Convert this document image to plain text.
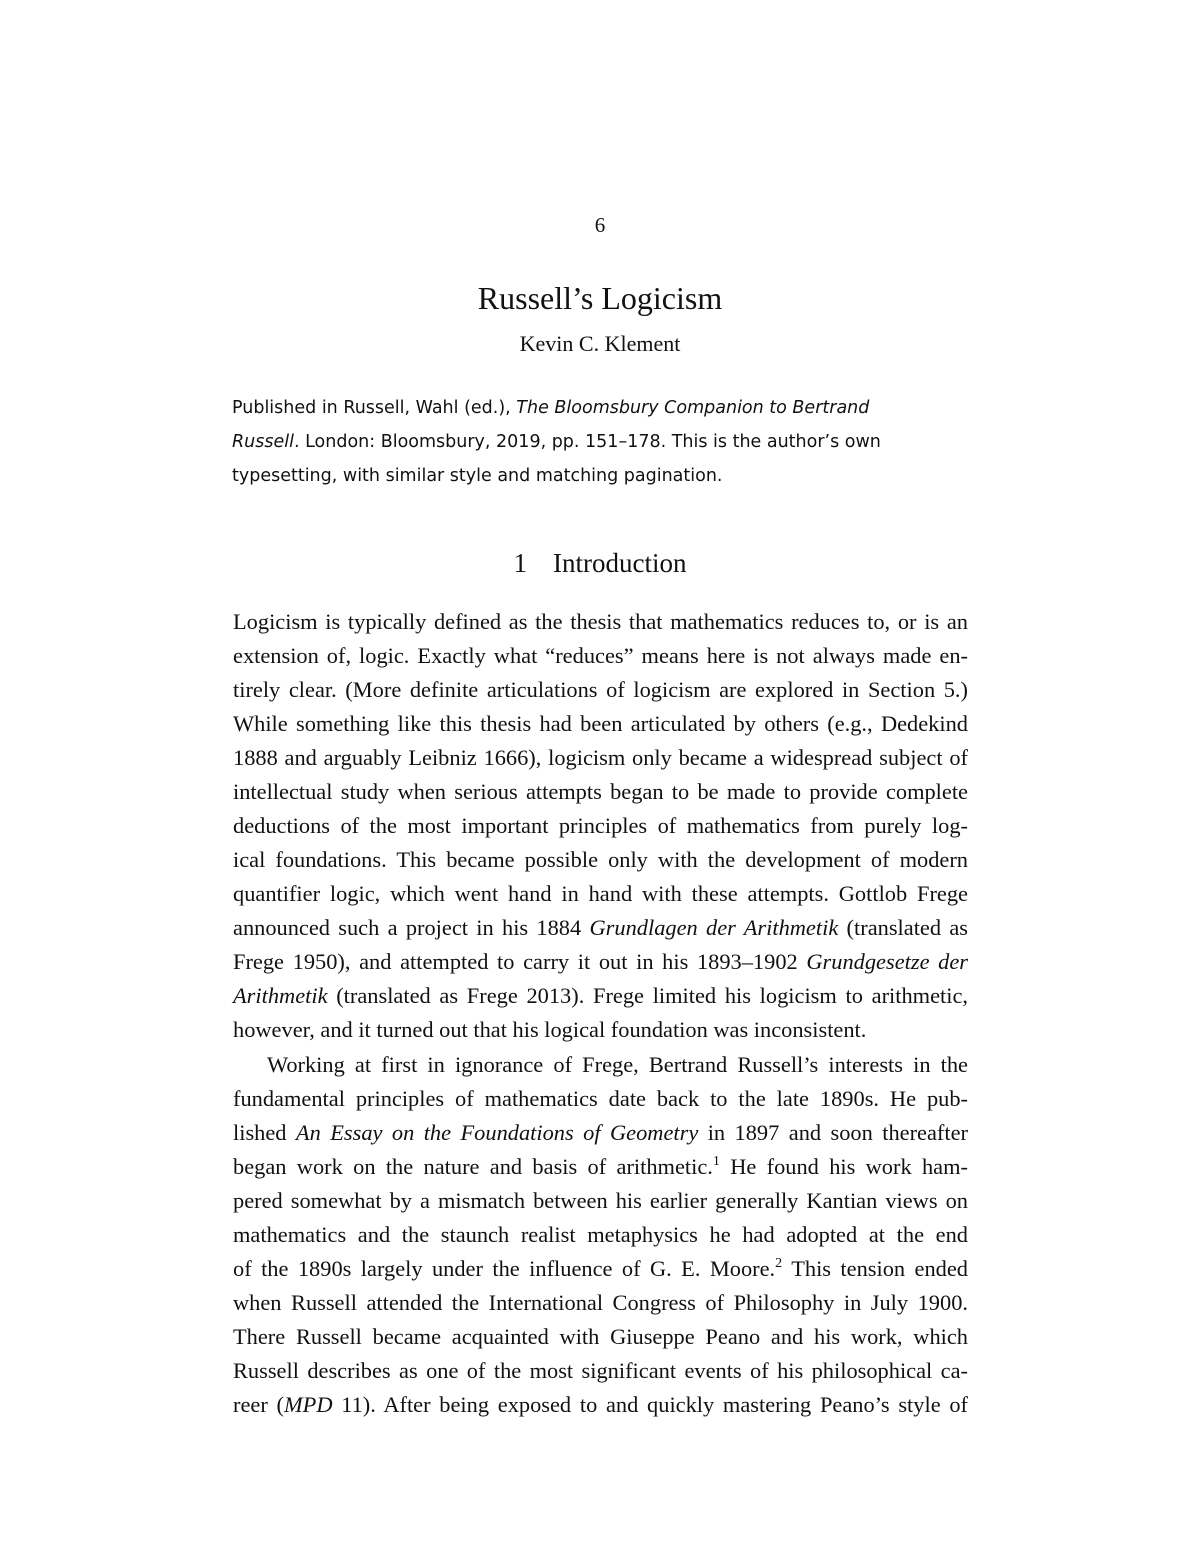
6
Russell’s Logicism
Kevin C. Klement
Published in Russell, Wahl (ed.), The Bloomsbury Companion to Bertrand
Russell. London: Bloomsbury, 2019, pp. 151–178. This is the author’s own
typesetting, with similar style and matching pagination.
1 Introduction
Logicism is typically defined as the thesis that mathematics reduces to, or is an
extension of, logic. Exactly what “reduces” means here is not always made en-
tirely clear. (More definite articulations of logicism are explored in Section 5.)
While something like this thesis had been articulated by others (e.g., Dedekind
1888 and arguably Leibniz 1666), logicism only became a widespread subject of
intellectual study when serious attempts began to be made to provide complete
deductions of the most important principles of mathematics from purely log-
ical foundations. This became possible only with the development of modern
quantifier logic, which went hand in hand with these attempts. Gottlob Frege
announced such a project in his 1884 Grundlagen der Arithmetik (translated as
Frege 1950), and attempted to carry it out in his 1893–1902 Grundgesetze der
Arithmetik (translated as Frege 2013). Frege limited his logicism to arithmetic,
however, and it turned out that his logical foundation was inconsistent.
Working at first in ignorance of Frege, Bertrand Russell’s interests in the
fundamental principles of mathematics date back to the late 1890s. He pub-
lished An Essay on the Foundations of Geometry in 1897 and soon thereafter
began work on the nature and basis of arithmetic.$^1$ He found his work ham-
pered somewhat by a mismatch between his earlier generally Kantian views on
mathematics and the staunch realist metaphysics he had adopted at the end
of the 1890s largely under the influence of G. E. Moore.$^2$ This tension ended
when Russell attended the International Congress of Philosophy in July 1900.
There Russell became acquainted with Giuseppe Peano and his work, which
Russell describes as one of the most significant events of his philosophical ca-
reer (MPD 11). After being exposed to and quickly mastering Peano’s style of
